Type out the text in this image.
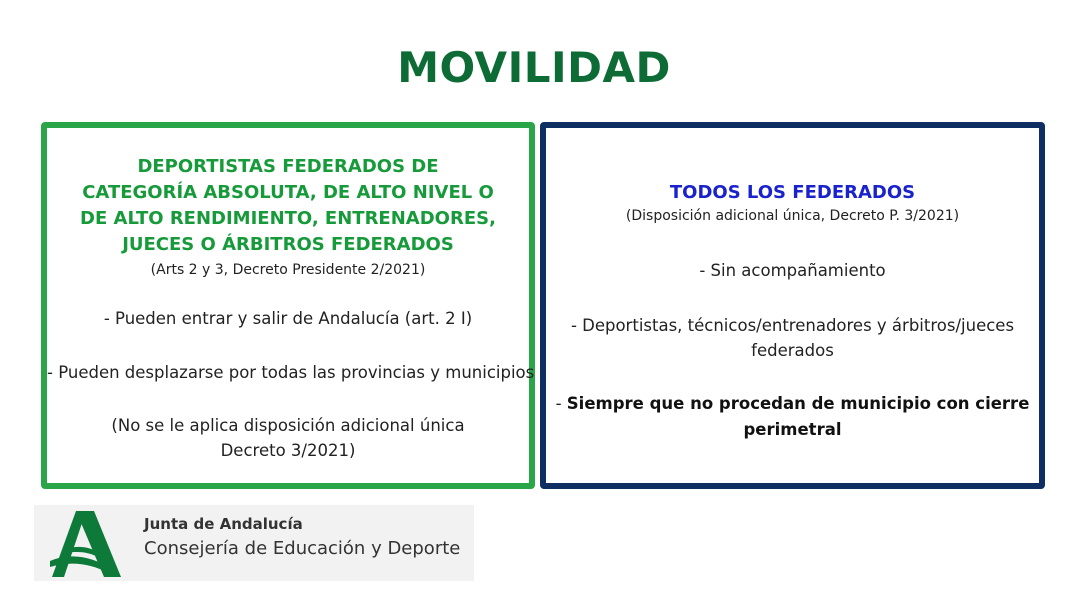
MOVILIDAD
DEPORTISTAS FEDERADOS DE CATEGORÍA ABSOLUTA, DE ALTO NIVEL O DE ALTO RENDIMIENTO, ENTRENADORES, JUECES O ÁRBITROS FEDERADOS
(Arts 2 y 3, Decreto Presidente 2/2021)
- Pueden entrar y salir de Andalucía (art. 2 I)
- Pueden desplazarse por todas las provincias y municipios
(No se le aplica disposición adicional única Decreto 3/2021)
TODOS LOS FEDERADOS
(Disposición adicional única, Decreto P. 3/2021)
- Sin acompañamiento
- Deportistas, técnicos/entrenadores y árbitros/jueces federados
- Siempre que no procedan de municipio con cierre perimetral
Junta de Andalucía
Consejería de Educación y Deporte
